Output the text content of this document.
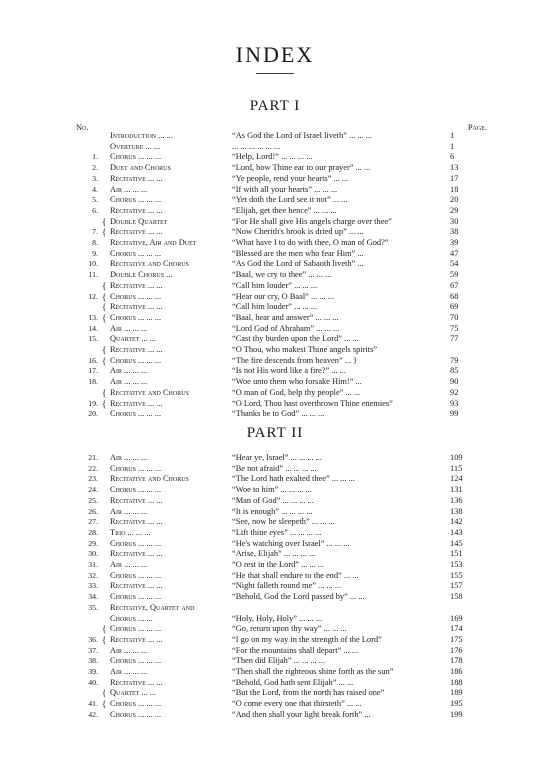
INDEX
PART I
No.	Page.
		Introduction ... ...	“As God the Lord of Israel liveth” ... ... ...	1
		Overture ... ...	... ... ... ... ... ...	1
1.		Chorus ... ... ...	“Help, Lord!” ... ... ... ...	6
2.		Duet and Chorus	“Lord, bow Thine ear to our prayer” ... ...	13
3.		Recitative ... ...	“Ye people, rend your hearts” ... ...	17
4.		Air ... ... ...	“If with all your hearts” ... ... ...	18
5.		Chorus ... ... ...	“Yet doth the Lord see it not” ... ...	20
6.		Recitative ... ...	“Elijah, get thee hence” ... ... ...	29
	{	Double Quartet	“For He shall give His angels charge over thee”	30
7.	{	Recitative ... ...	“Now Cherith's brook is dried up” ... ...	38
8.		Recitative, Air and Duet	“What have I to do with thee, O man of God?”	39
9.		Chorus ... ... ...	“Blessed are the men who fear Him” ...	47
10.		Recitative and Chorus	“As God the Lord of Sabaoth liveth” ...	54
11.		Double Chorus ...	“Baal, we cry to thee” ... ... ...	59
	{	Recitative ... ...	“Call him louder” ... ... ...	67
12.	{	Chorus ... ... ...	“Hear our cry, O Baal” ... ... ...	68
	{	Recitative ... ...	“Call him louder” ... ... ...	69
13.	{	Chorus ... ... ...	“Baal, hear and answer” ... ... ...	70
14.		Air ... ... ...	“Lord God of Abraham” ... ... ...	75
15.		Quartet ... ...	“Cast thy burden upon the Lord” ... ...	77
	{	Recitative ... ...	“O Thou, who makest Thine angels spirits”	
16.	{	Chorus ... ... ...	“The fire descends from heaven” ... }	79
17.		Air ... ... ...	“Is not His word like a fire?” ... ...	85
18.		Air ... ... ...	“Woe unto them who forsake Him!” ...	90
	{	Recitative and Chorus	“O man of God, help thy people” ... ...	92
19.	{	Recitative ... ...	“O Lord, Thou hast overthrown Thine enemies”	93
20.		Chorus ... ... ...	“Thanks be to God” ... ... ...	99
PART II
21.		Air ... ... ...	“Hear ye, Israel” ... ... ... ...	109
22.		Chorus ... ... ...	“Be not afraid” ... ... ... ...	115
23.		Recitative and Chorus	“The Lord hath exalted thee” ... ... ...	124
24.		Chorus ... ... ...	“Woe to him” ... ... ... ...	131
25.		Recitative ... ...	“Man of God” ... ... ... ...	136
26.		Air ... ... ...	“It is enough” ... ... ... ...	138
27.		Recitative ... ...	“See, now he sleepeth” ... ... ...	142
28.		Trio ... ... ...	“Lift thine eyes” ... ... ... ...	143
29.		Chorus ... ... ...	“He's watching over Israel” ... ... ...	145
30.		Recitative ... ...	“Arise, Elijah” ... ... ... ...	151
31.		Air ... ... ...	“O rest in the Lord” ... ... ...	153
32.		Chorus ... ... ...	“He that shall endure to the end” ... ...	155
33.		Recitative ... ...	“Night falleth round me” ... ... ...	157
34.		Chorus ... ... ...	“Behold, God the Lord passed by” ... ...	158
35.		Recitative, Quartet and		
		Chorus ... ...	“Holy, Holy, Holy” ... ... ...	169
	{	Chorus ... ... ...	“Go, return upon thy way” ... ... ...	174
36.	{	Recitative ... ...	“I go on my way in the strength of the Lord”	175
37.		Air ... ... ...	“For the mountains shall depart” ... ...	176
38.		Chorus ... ... ...	“Then did Elijah” ... ... ... ...	178
39.		Air ... ... ...	“Then shall the righteous shine forth as the sun”	186
40.		Recitative ... ...	“Behold, God hath sent Elijah” ... ...	188
	{	Quartet ... ...	“But the Lord, from the north has raised one”	189
41.	{	Chorus ... ... ...	“O come every one that thirsteth” ... ...	195
42.		Chorus ... ... ...	“And then shall your light break forth” ...	199
